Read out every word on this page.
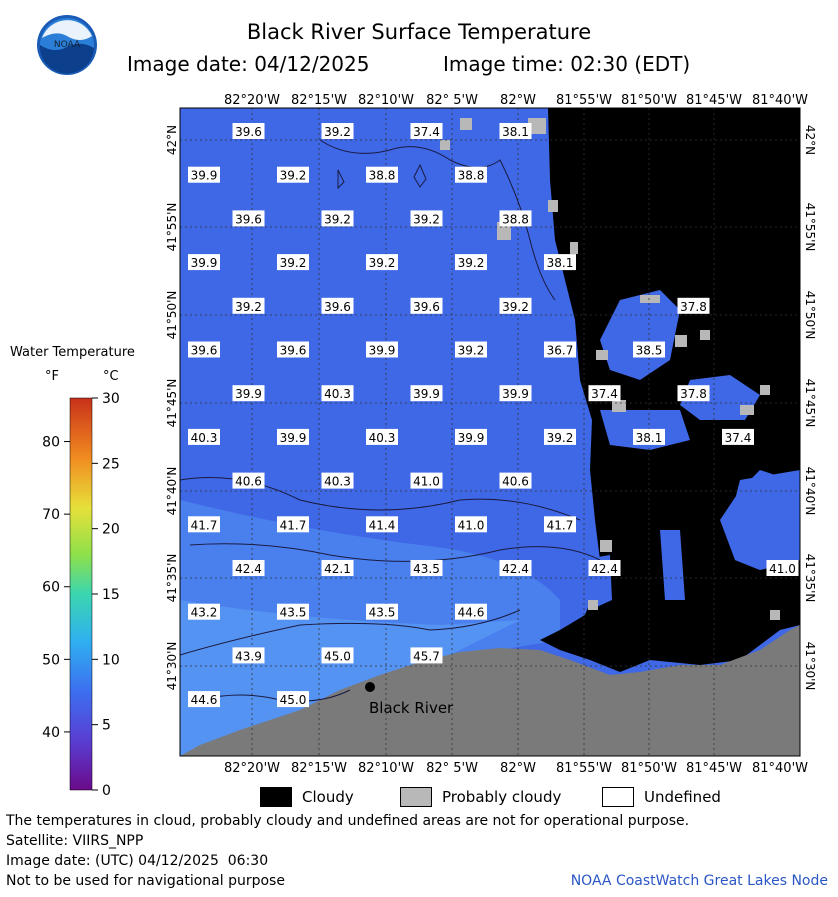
NOAA
Black River Surface Temperature
Image date: 04/12/2025	Image time: 02:30 (EDT)
39.6	39.2	37.4	38.1
39.9	39.2	38.8	38.8
39.6	39.2	39.2	38.8
39.9	39.2	39.2	39.2	38.1
39.2	39.6	39.6	39.2	37.8
39.6	39.6	39.9	39.2	36.7	38.5
39.9	40.3	39.9	39.9	37.4	37.8
40.3	39.9	40.3	39.9	39.2	38.1	37.4
40.6	40.3	41.0	40.6
41.7	41.7	41.4	41.0	41.7
42.4	42.1	43.5	42.4	42.4	41.0
43.2	43.5	43.5	44.6
43.9	45.0	45.7
44.6	45.0
82°20'W 82°15'W 82°10'W 82° 5'W 82°W 81°55'W 81°50'W 81°45'W 81°40'W
82°20'W 82°15'W 82°10'W 82° 5'W 82°W 81°55'W 81°50'W 81°45'W 81°40'W
42°N
41°55'N
41°50'N
41°45'N
41°40'N
41°35'N
41°30'N
42°N
41°55'N
41°50'N
41°45'N
41°40'N
41°35'N
41°30'N
Black River
Water Temperature
°F	°C
30
25
20
15
10
5
0
80
70
60
50
40
Cloudy	Probably cloudy	Undefined
The temperatures in cloud, probably cloudy and undefined areas are not for operational purpose.
Satellite: VIIRS_NPP
Image date: (UTC) 04/12/2025  06:30
Not to be used for navigational purpose	NOAA CoastWatch Great Lakes Node
